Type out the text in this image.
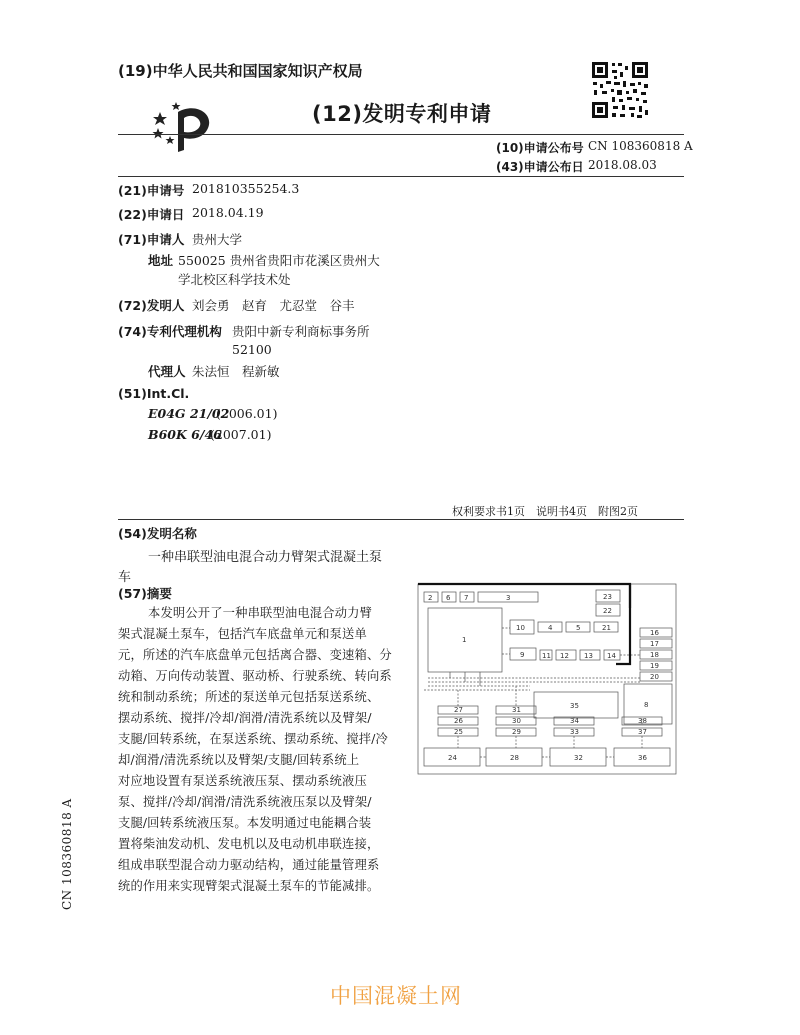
(19)中华人民共和国国家知识产权局
(12)发明专利申请
(10)申请公布号 CN 108360818 A
(43)申请公布日 2018.08.03
(21)申请号 201810355254.3
(22)申请日 2018.04.19
(71)申请人 贵州大学
地址 550025 贵州省贵阳市花溪区贵州大
学北校区科学技术处
(72)发明人 刘会勇　赵育　尤忍堂　谷丰
(74)专利代理机构 贵阳中新专利商标事务所
52100
代理人 朱法恒　程新敏
(51)Int.Cl.
E04G 21/02
(2006.01)
B60K 6/46
(2007.01)
权利要求书1页　说明书4页　附图2页
(54)发明名称
一种串联型油电混合动力臂架式混凝土泵
车
(57)摘要
本发明公开了一种串联型油电混合动力臂
架式混凝土泵车，包括汽车底盘单元和泵送单
元，所述的汽车底盘单元包括离合器、变速箱、分
动箱、万向传动装置、驱动桥、行驶系统、转向系
统和制动系统；所述的泵送单元包括泵送系统、
摆动系统、搅拌/冷却/润滑/清洗系统以及臂架/
支腿/回转系统，在泵送系统、摆动系统、搅拌/冷
却/润滑/清洗系统以及臂架/支腿/回转系统上
对应地设置有泵送系统液压泵、摆动系统液压
泵、搅拌/冷却/润滑/清洗系统液压泵以及臂架/
支腿/回转系统液压泵。本发明通过电能耦合装
置将柴油发动机、发电机以及电动机串联连接，
组成串联型混合动力驱动结构，通过能量管理系
统的作用来实现臂架式混凝土泵车的节能减排。
CN 108360818 A
2 6 7	3
1
10	4	5	21
9	11 12 13 14
23
22
16
17
18
19
20
8
35
27
26
25
24
31
30
29
28
34
33
32
38
37
36
中国混凝土网
